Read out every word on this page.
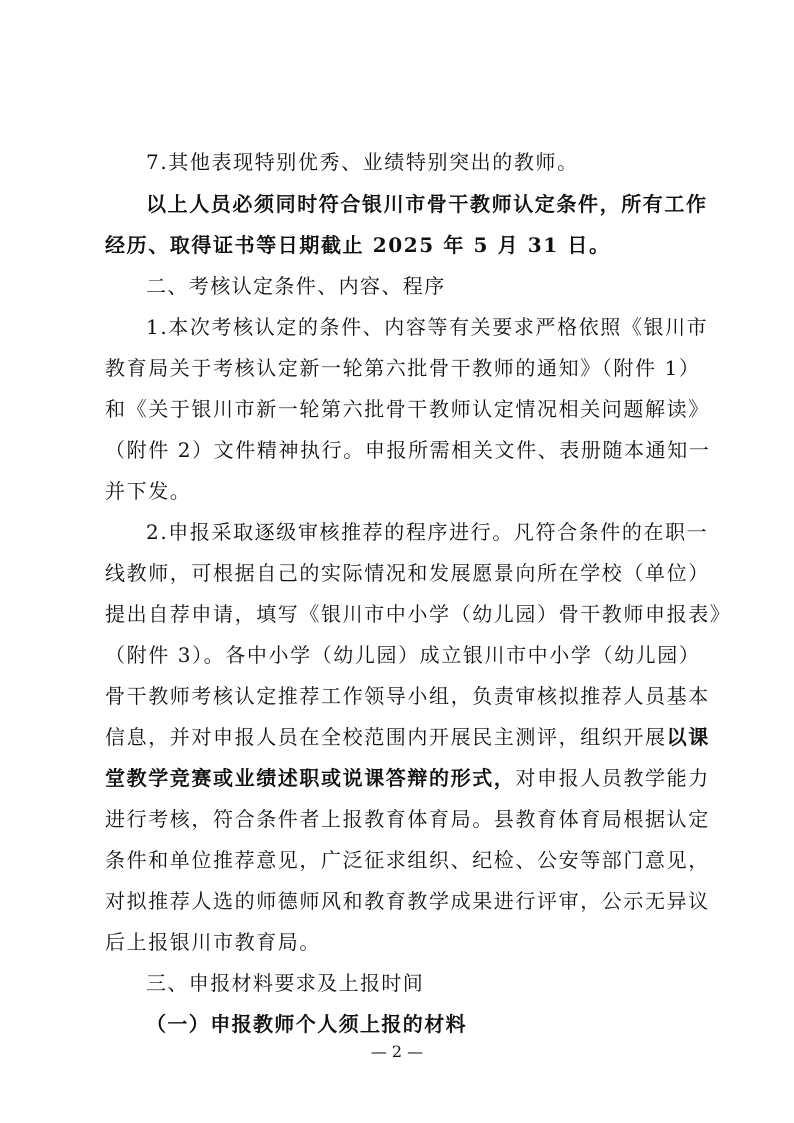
7.其他表现特别优秀、业绩特别突出的教师。
以上人员必须同时符合银川市骨干教师认定条件，所有工作
经历、取得证书等日期截止 2025 年 5 月 31 日。
二、考核认定条件、内容、程序
1.本次考核认定的条件、内容等有关要求严格依照《银川市
教育局关于考核认定新一轮第六批骨干教师的通知》（附件 1）
和《关于银川市新一轮第六批骨干教师认定情况相关问题解读》
（附件 2）文件精神执行。申报所需相关文件、表册随本通知一
并下发。
2.申报采取逐级审核推荐的程序进行。凡符合条件的在职一
线教师，可根据自己的实际情况和发展愿景向所在学校（单位）
提出自荐申请，填写《银川市中小学（幼儿园）骨干教师申报表》
（附件 3）。各中小学（幼儿园）成立银川市中小学（幼儿园）
骨干教师考核认定推荐工作领导小组，负责审核拟推荐人员基本
信息，并对申报人员在全校范围内开展民主测评，组织开展以课
堂教学竞赛或业绩述职或说课答辩的形式，对申报人员教学能力
进行考核，符合条件者上报教育体育局。县教育体育局根据认定
条件和单位推荐意见，广泛征求组织、纪检、公安等部门意见，
对拟推荐人选的师德师风和教育教学成果进行评审，公示无异议
后上报银川市教育局。
三、申报材料要求及上报时间
（一）申报教师个人须上报的材料
— 2 —
